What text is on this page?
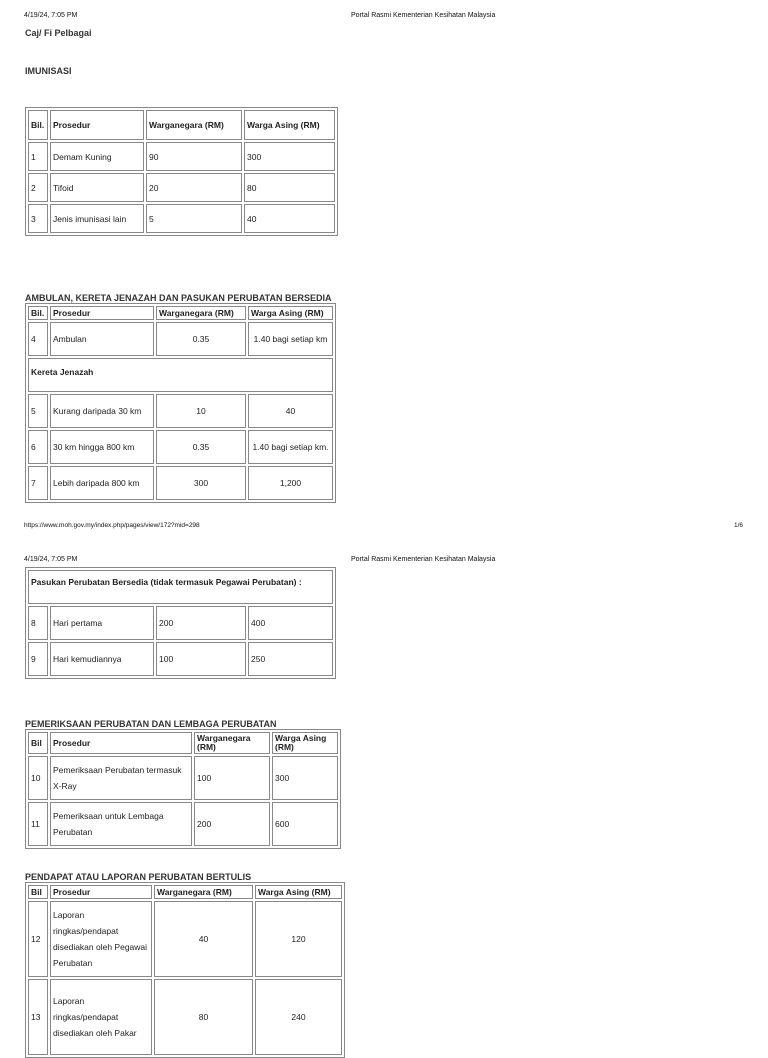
4/19/24, 7:05 PM	Portal Rasmi Kementerian Kesihatan Malaysia
Caj/ Fi Pelbagai
IMUNISASI
Bil.	Prosedur	Warganegara (RM)	Warga Asing (RM)
1	Demam Kuning	90	300
2	Tifoid	20	80
3	Jenis imunisasi lain	5	40
AMBULAN, KERETA JENAZAH DAN PASUKAN PERUBATAN BERSEDIA
Bil.	Prosedur	Warganegara (RM)	Warga Asing (RM)
4	Ambulan	0.35	1.40 bagi setiap km
Kereta Jenazah			
5	Kurang daripada 30 km	10	40
6	30 km hingga 800 km	0.35	1.40 bagi setiap km.
7	Lebih daripada 800 km	300	1,200
https://www.moh.gov.my/index.php/pages/view/172?mid=298	1/6
4/19/24, 7:05 PM	Portal Rasmi Kementerian Kesihatan Malaysia
Pasukan Perubatan Bersedia (tidak termasuk Pegawai Perubatan) :			
8	Hari pertama	200	400
9	Hari kemudiannya	100	250
PEMERIKSAAN PERUBATAN DAN LEMBAGA PERUBATAN
Bil	Prosedur	Warganegara (RM)	Warga Asing (RM)
10	Pemeriksaan Perubatan termasuk X-Ray	100	300
11	Pemeriksaan untuk Lembaga Perubatan	200	600
PENDAPAT ATAU LAPORAN PERUBATAN BERTULIS
Bil	Prosedur	Warganegara (RM)	Warga Asing (RM)
12	Laporan ringkas/pendapat disediakan oleh Pegawai Perubatan	40	120
13	Laporan ringkas/pendapat disediakan oleh Pakar	80	240
